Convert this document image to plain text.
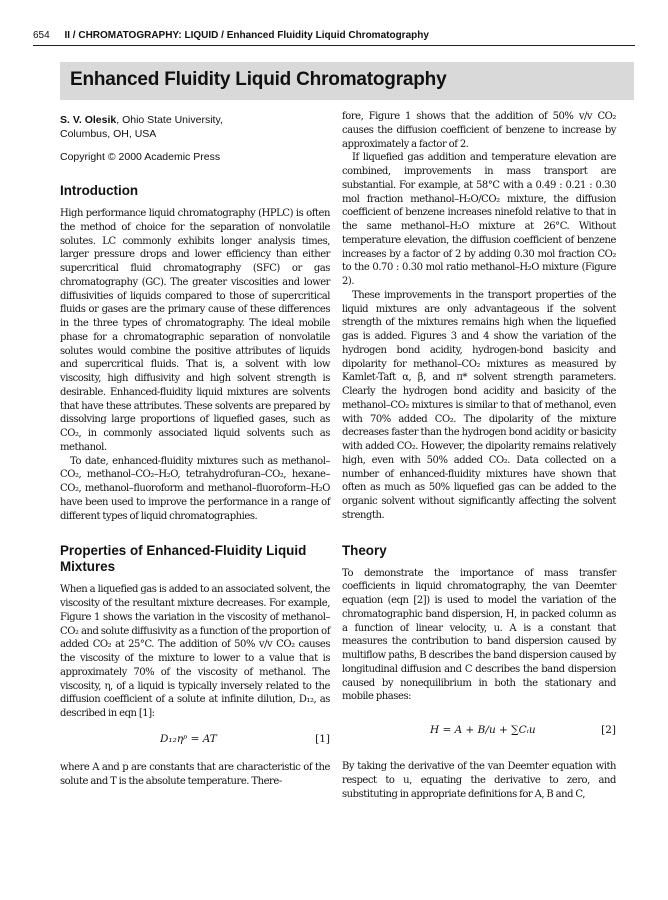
654 II / CHROMATOGRAPHY: LIQUID / Enhanced Fluidity Liquid Chromatography
Enhanced Fluidity Liquid Chromatography
S. V. Olesik, Ohio State University,
Columbus, OH, USA
Copyright © 2000 Academic Press
Introduction

High performance liquid chromatography (HPLC) is often the method of choice for the separation of nonvolatile solutes. LC commonly exhibits longer analysis times, larger pressure drops and lower efficiency than either supercritical fluid chromatography (SFC) or gas chromatography (GC). The greater viscosities and lower diffusivities of liquids compared to those of supercritical fluids or gases are the primary cause of these differences in the three types of chromatography. The ideal mobile phase for a chromatographic separation of nonvolatile solutes would combine the positive attributes of liquids and supercritical fluids. That is, a solvent with low viscosity, high diffusivity and high solvent strength is desirable. Enhanced-fluidity liquid mixtures are solvents that have these attributes. These solvents are prepared by dissolving large proportions of liquefied gases, such as CO₂, in commonly associated liquid solvents such as methanol.

To date, enhanced-fluidity mixtures such as methanol–CO₂, methanol–CO₂–H₂O, tetrahydrofuran–CO₂, hexane–CO₂, methanol–fluoroform and methanol–fluoroform–H₂O have been used to improve the performance in a range of different types of liquid chromatographies.

Properties of Enhanced-Fluidity Liquid Mixtures

When a liquefied gas is added to an associated solvent, the viscosity of the resultant mixture decreases. For example, Figure 1 shows the variation in the viscosity of methanol–CO₂ and solute diffusivity as a function of the proportion of added CO₂ at 25°C. The addition of 50% v/v CO₂ causes the viscosity of the mixture to lower to a value that is approximately 70% of the viscosity of methanol. The viscosity, η, of a liquid is typically inversely related to the diffusion coefficient of a solute at infinite dilution, D₁₂, as described in eqn [1]:

D₁₂ηᵖ = AT	[1]

where A and p are constants that are characteristic of the solute and T is the absolute temperature. There-

fore, Figure 1 shows that the addition of 50% v/v CO₂ causes the diffusion coefficient of benzene to increase by approximately a factor of 2.

If liquefied gas addition and temperature elevation are combined, improvements in mass transport are substantial. For example, at 58°C with a 0.49 : 0.21 : 0.30 mol fraction methanol–H₂O/CO₂ mixture, the diffusion coefficient of benzene increases ninefold relative to that in the same methanol–H₂O mixture at 26°C. Without temperature elevation, the diffusion coefficient of benzene increases by a factor of 2 by adding 0.30 mol fraction CO₂ to the 0.70 : 0.30 mol ratio methanol–H₂O mixture (Figure 2).

These improvements in the transport properties of the liquid mixtures are only advantageous if the solvent strength of the mixtures remains high when the liquefied gas is added. Figures 3 and 4 show the variation of the hydrogen bond acidity, hydrogen-bond basicity and dipolarity for methanol–CO₂ mixtures as measured by Kamlet-Taft α, β, and π* solvent strength parameters. Clearly the hydrogen bond acidity and basicity of the methanol–CO₂ mixtures is similar to that of methanol, even with 70% added CO₂. The dipolarity of the mixture decreases faster than the hydrogen bond acidity or basicity with added CO₂. However, the dipolarity remains relatively high, even with 50% added CO₂. Data collected on a number of enhanced-fluidity mixtures have shown that often as much as 50% liquefied gas can be added to the organic solvent without significantly affecting the solvent strength.

Theory

To demonstrate the importance of mass transfer coefficients in liquid chromatography, the van Deemter equation (eqn [2]) is used to model the variation of the chromatographic band dispersion, H, in packed column as a function of linear velocity, u. A is a constant that measures the contribution to band dispersion caused by multiflow paths, B describes the band dispersion caused by longitudinal diffusion and C describes the band dispersion caused by nonequilibrium in both the stationary and mobile phases:

H = A + B/u + ∑Cᵢu	[2]

By taking the derivative of the van Deemter equation with respect to u, equating the derivative to zero, and substituting in appropriate definitions for A, B and C,
